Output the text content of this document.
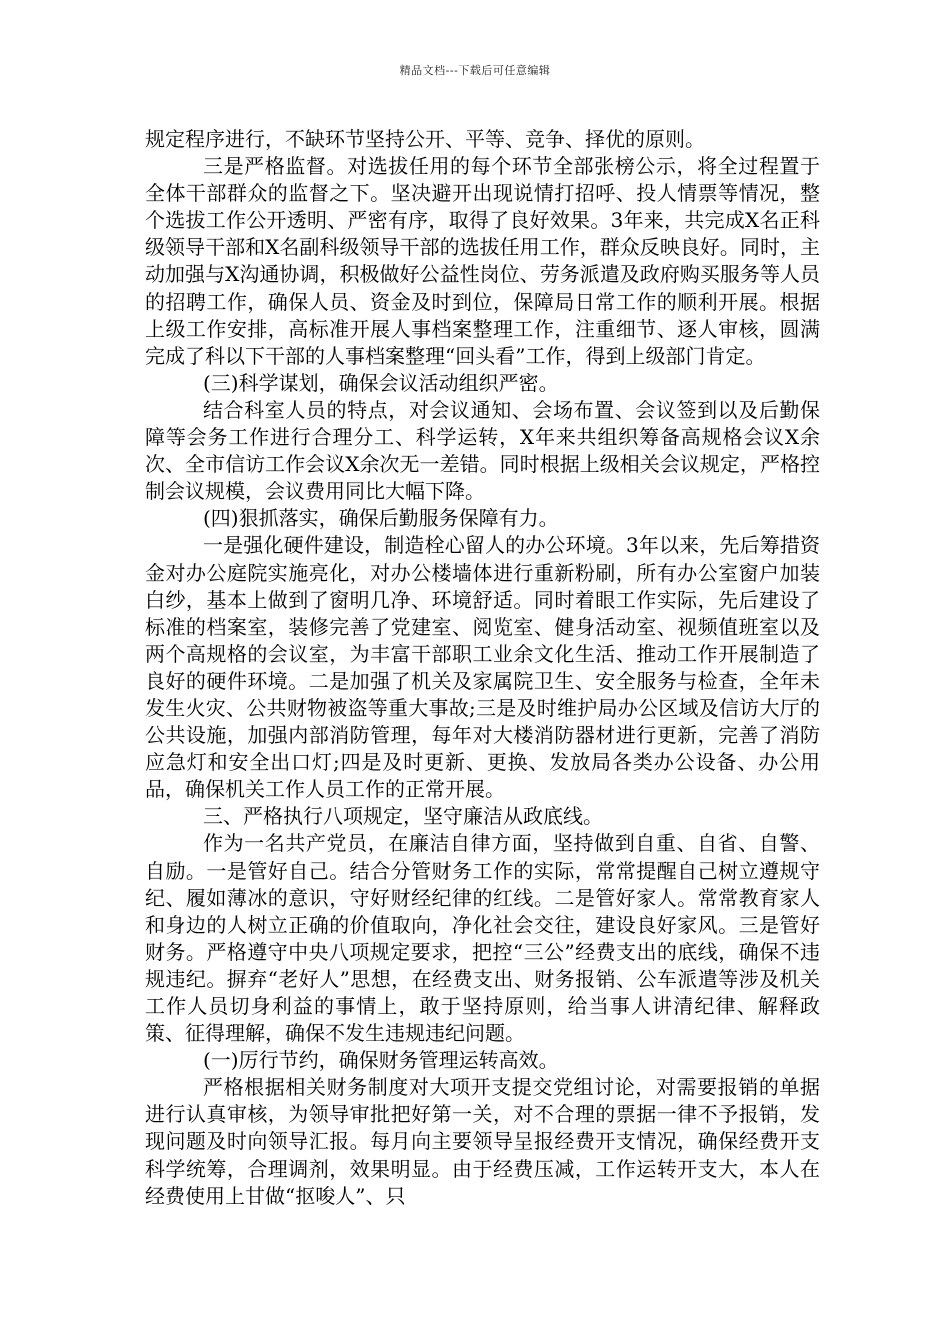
精品文档---下载后可任意编辑

规定程序进行，不缺环节坚持公开、平等、竞争、择优的原则。

三是严格监督。对选拔任用的每个环节全部张榜公示，将全过程置于全体干部群众的监督之下。坚决避开出现说情打招呼、投人情票等情况，整个选拔工作公开透明、严密有序，取得了良好效果。3年来，共完成X名正科级领导干部和X名副科级领导干部的选拔任用工作，群众反映良好。同时，主动加强与X沟通协调，积极做好公益性岗位、劳务派遣及政府购买服务等人员的招聘工作，确保人员、资金及时到位，保障局日常工作的顺利开展。根据上级工作安排，高标准开展人事档案整理工作，注重细节、逐人审核，圆满完成了科以下干部的人事档案整理“回头看”工作，得到上级部门肯定。

(三)科学谋划，确保会议活动组织严密。

结合科室人员的特点，对会议通知、会场布置、会议签到以及后勤保障等会务工作进行合理分工、科学运转，X年来共组织筹备高规格会议X余次、全市信访工作会议X余次无一差错。同时根据上级相关会议规定，严格控制会议规模，会议费用同比大幅下降。

(四)狠抓落实，确保后勤服务保障有力。

一是强化硬件建设，制造栓心留人的办公环境。3年以来，先后筹措资金对办公庭院实施亮化，对办公楼墙体进行重新粉刷，所有办公室窗户加装白纱，基本上做到了窗明几净、环境舒适。同时着眼工作实际，先后建设了标准的档案室，装修完善了党建室、阅览室、健身活动室、视频值班室以及两个高规格的会议室，为丰富干部职工业余文化生活、推动工作开展制造了良好的硬件环境。二是加强了机关及家属院卫生、安全服务与检查，全年未发生火灾、公共财物被盗等重大事故;三是及时维护局办公区域及信访大厅的公共设施，加强内部消防管理，每年对大楼消防器材进行更新，完善了消防应急灯和安全出口灯;四是及时更新、更换、发放局各类办公设备、办公用品，确保机关工作人员工作的正常开展。

三、严格执行八项规定，坚守廉洁从政底线。

作为一名共产党员，在廉洁自律方面，坚持做到自重、自省、自警、自励。一是管好自己。结合分管财务工作的实际，常常提醒自己树立遵规守纪、履如薄冰的意识，守好财经纪律的红线。二是管好家人。常常教育家人和身边的人树立正确的价值取向，净化社会交往，建设良好家风。三是管好财务。严格遵守中央八项规定要求，把控“三公”经费支出的底线，确保不违规违纪。摒弃“老好人”思想，在经费支出、财务报销、公车派遣等涉及机关工作人员切身利益的事情上，敢于坚持原则，给当事人讲清纪律、解释政策、征得理解，确保不发生违规违纪问题。

(一)厉行节约，确保财务管理运转高效。

严格根据相关财务制度对大项开支提交党组讨论，对需要报销的单据进行认真审核，为领导审批把好第一关，对不合理的票据一律不予报销，发现问题及时向领导汇报。每月向主要领导呈报经费开支情况，确保经费开支科学统筹，合理调剂，效果明显。由于经费压减，工作运转开支大，本人在经费使用上甘做“抠唆人”、只
